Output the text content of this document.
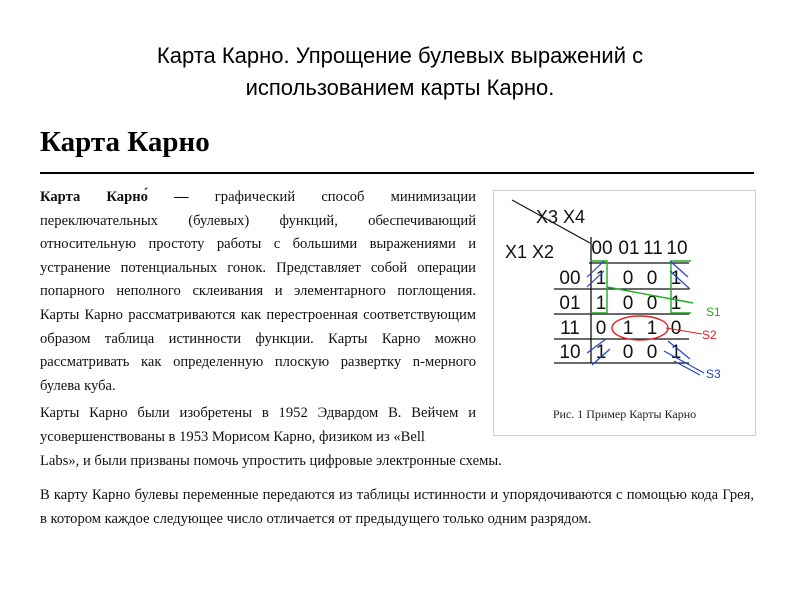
Карта Карно. Упрощение булевых выражений с
использованием карты Карно.
Карта Карно

Карта Карно́ — графический способ минимизации переключательных (булевых) функций, обеспечивающий относительную простоту работы с большими выражениями и устранение потенциальных гонок. Представляет собой операции попарного неполного склеивания и элементарного поглощения. Карты Карно рассматриваются как перестроенная соответствующим образом таблица истинности функции. Карты Карно можно рассматривать как определенную плоскую развертку n-мерного булева куба.

Карты Карно были изобретены в 1952 Эдвардом В. Вейчем и усовершенствованы в 1953 Морисом Карно, физиком из «Bell

Labs», и были призваны помочь упростить цифровые электронные схемы.

В карту Карно булевы переменные передаются из таблицы истинности и упорядочиваются с помощью кода Грея, в котором каждое следующее число отличается от предыдущего только одним разрядом.

X3 X4
X1 X2 00 01 11 10
00
01
11
10
1 0 0 1
1 0 0 1
0 1 1 0
1 0 0 1
S1
S2
S3
Рис. 1 Пример Карты Карно
